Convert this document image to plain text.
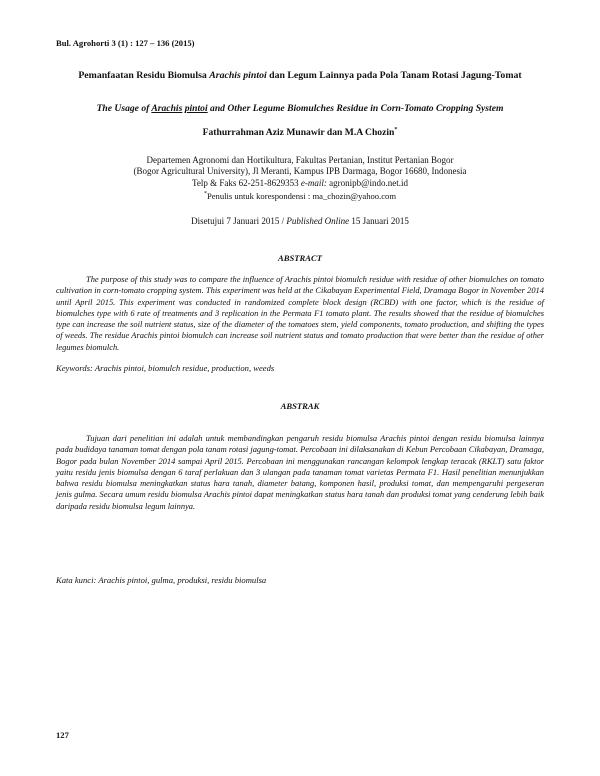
Bul. Agrohorti 3 (1) : 127 – 136 (2015)
Pemanfaatan Residu Biomulsa Arachis pintoi dan Legum Lainnya pada Pola Tanam Rotasi Jagung-Tomat
The Usage of Arachis pintoi and Other Legume Biomulches Residue in Corn-Tomato Cropping System
Fathurrahman Aziz Munawir dan M.A Chozin*
Departemen Agronomi dan Hortikultura, Fakultas Pertanian, Institut Pertanian Bogor
(Bogor Agricultural University), Jl Meranti, Kampus IPB Darmaga, Bogor 16680, Indonesia
Telp & Faks 62-251-8629353 e-mail: agronipb@indo.net.id
*Penulis untuk korespondensi : ma_chozin@yahoo.com
Disetujui 7 Januari 2015 / Published Online 15 Januari 2015
ABSTRACT

The purpose of this study was to compare the influence of Arachis pintoi biomulch residue with residue of other biomulches on tomato cultivation in corn-tomato cropping system. This experiment was held at the Cikabayan Experimental Field, Dramaga Bogor in November 2014 until April 2015. This experiment was conducted in randomized complete block design (RCBD) with one factor, which is the residue of biomulches type with 6 rate of treatments and 3 replication in the Permata F1 tomato plant. The results showed that the residue of biomulches type can increase the soil nutrient status, size of the diameter of the tomatoes stem, yield components, tomato production, and shifting the types of weeds. The residue Arachis pintoi biomulch can increase soil nutrient status and tomato production that were better than the residue of other legumes biomulch.

Keywords: Arachis pintoi, biomulch residue, production, weeds
ABSTRAK

Tujuan dari penelitian ini adalah untuk membandingkan pengaruh residu biomulsa Arachis pintoi dengan residu biomulsa lainnya pada budidaya tanaman tomat dengan pola tanam rotasi jagung-tomat. Percobaan ini dilaksanakan di Kebun Percobaan Cikabayan, Dramaga, Bogor pada bulan November 2014 sampai April 2015. Percobaan ini menggunakan rancangan kelompok lengkap teracak (RKLT) satu faktor yaitu residu jenis biomulsa dengan 6 taraf perlakuan dan 3 ulangan pada tanaman tomat varietas Permata F1. Hasil penelitian menunjukkan bahwa residu biomulsa meningkatkan status hara tanah, diameter batang, komponen hasil, produksi tomat, dan mempengaruhi pergeseran jenis gulma. Secara umum residu biomulsa Arachis pintoi dapat meningkatkan status hara tanah dan produksi tomat yang cenderung lebih baik daripada residu biomulsa legum lainnya.

Kata kunci: Arachis pintoi, gulma, produksi, residu biomulsa
127
